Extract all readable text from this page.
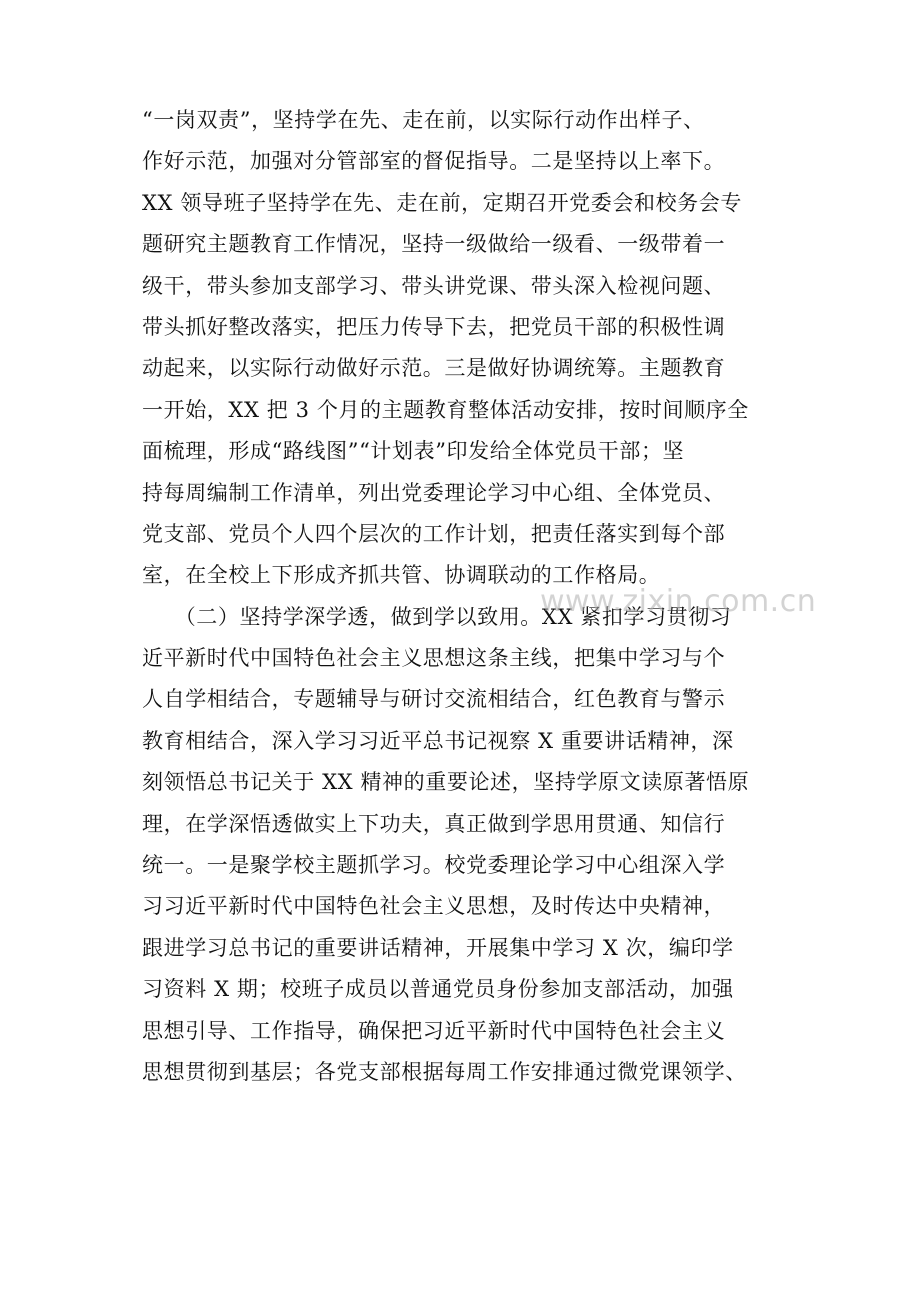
“一岗双责”，坚持学在先、走在前，以实际行动作出样子、
作好示范，加强对分管部室的督促指导。二是坚持以上率下。
XX 领导班子坚持学在先、走在前，定期召开党委会和校务会专
题研究主题教育工作情况，坚持一级做给一级看、一级带着一
级干，带头参加支部学习、带头讲党课、带头深入检视问题、
带头抓好整改落实，把压力传导下去，把党员干部的积极性调
动起来，以实际行动做好示范。三是做好协调统筹。主题教育
一开始，XX 把 3 个月的主题教育整体活动安排，按时间顺序全
面梳理，形成“路线图”“计划表”印发给全体党员干部；坚
持每周编制工作清单，列出党委理论学习中心组、全体党员、
党支部、党员个人四个层次的工作计划，把责任落实到每个部
室，在全校上下形成齐抓共管、协调联动的工作格局。
　　（二）坚持学深学透，做到学以致用。XX 紧扣学习贯彻习
近平新时代中国特色社会主义思想这条主线，把集中学习与个
人自学相结合，专题辅导与研讨交流相结合，红色教育与警示
教育相结合，深入学习习近平总书记视察 X 重要讲话精神，深
刻领悟总书记关于 XX 精神的重要论述，坚持学原文读原著悟原
理，在学深悟透做实上下功夫，真正做到学思用贯通、知信行
统一。一是聚学校主题抓学习。校党委理论学习中心组深入学
习习近平新时代中国特色社会主义思想，及时传达中央精神，
跟进学习总书记的重要讲话精神，开展集中学习 X 次，编印学
习资料 X 期；校班子成员以普通党员身份参加支部活动，加强
思想引导、工作指导，确保把习近平新时代中国特色社会主义
思想贯彻到基层；各党支部根据每周工作安排通过微党课领学、
www.zixin.com.cn
